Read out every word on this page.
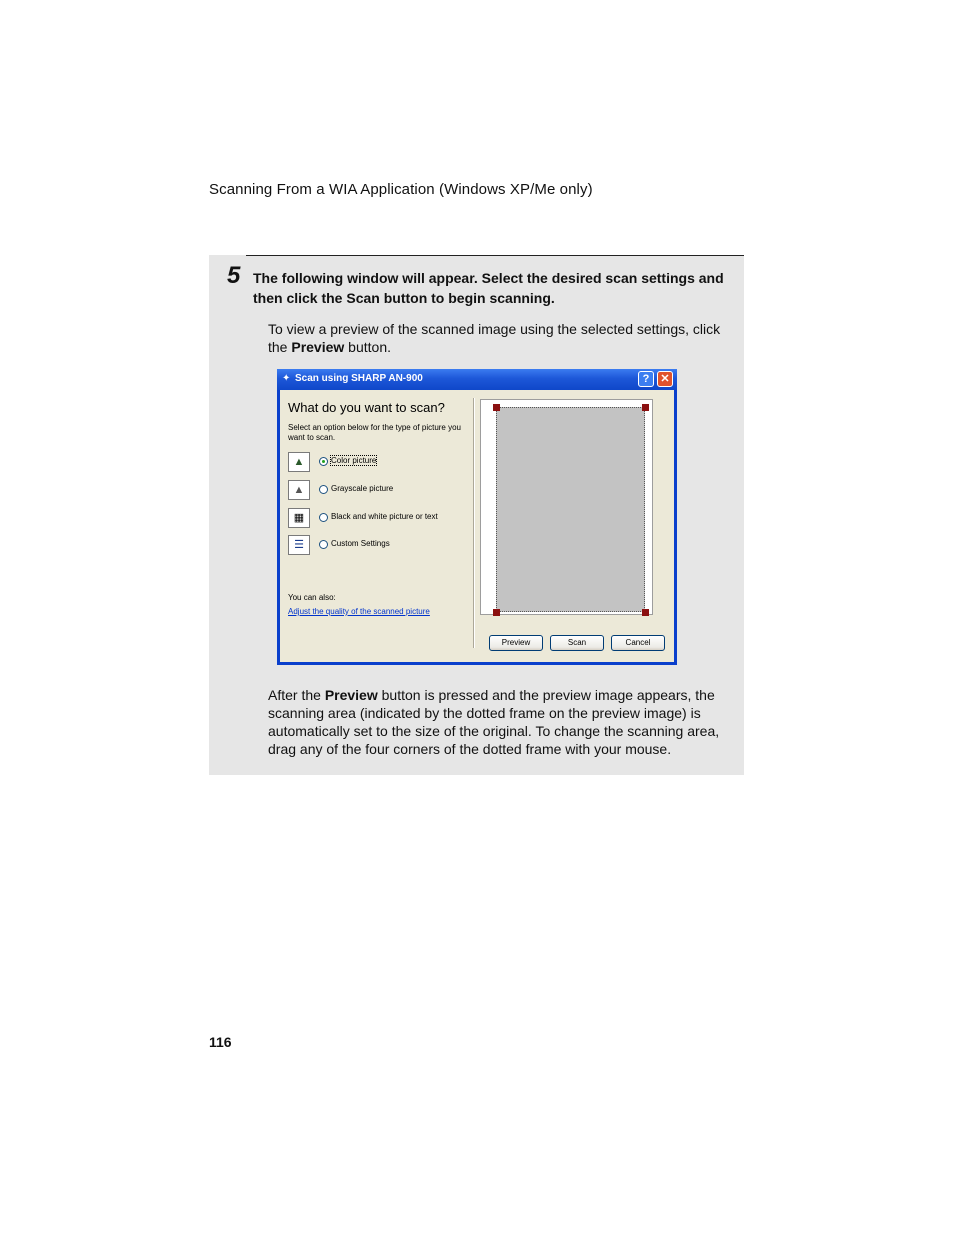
Scanning From a WIA Application (Windows XP/Me only)
5 The following window will appear. Select the desired scan settings and then click the Scan button to begin scanning.
To view a preview of the scanned image using the selected settings, click the Preview button.
✦ Scan using SHARP AN-900	?	✕
What do you want to scan?
Select an option below for the type of picture you want to scan.
▲	Color picture
▲	Grayscale picture
▦	Black and white picture or text
☰	Custom Settings
You can also:
Adjust the quality of the scanned picture
Preview	Scan	Cancel
After the Preview button is pressed and the preview image appears, the scanning area (indicated by the dotted frame on the preview image) is automatically set to the size of the original. To change the scanning area, drag any of the four corners of the dotted frame with your mouse.
116
